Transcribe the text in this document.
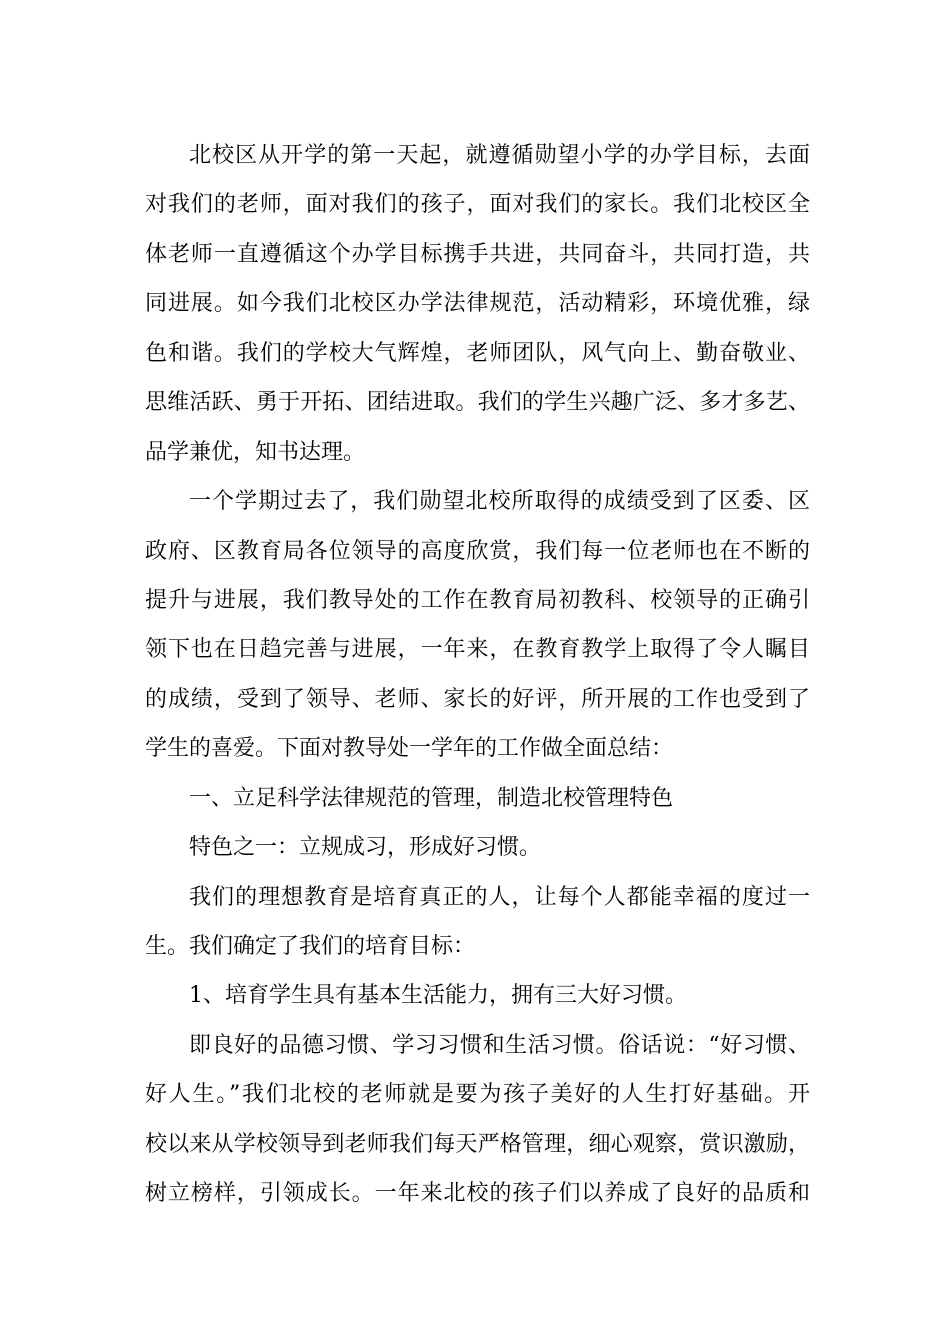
北校区从开学的第一天起，就遵循勋望小学的办学目标，去面
对我们的老师，面对我们的孩子，面对我们的家长。我们北校区全
体老师一直遵循这个办学目标携手共进，共同奋斗，共同打造，共
同进展。如今我们北校区办学法律规范，活动精彩，环境优雅，绿
色和谐。我们的学校大气辉煌，老师团队，风气向上、勤奋敬业、
思维活跃、勇于开拓、团结进取。我们的学生兴趣广泛、多才多艺、
品学兼优，知书达理。
一个学期过去了，我们勋望北校所取得的成绩受到了区委、区
政府、区教育局各位领导的高度欣赏，我们每一位老师也在不断的
提升与进展，我们教导处的工作在教育局初教科、校领导的正确引
领下也在日趋完善与进展，一年来，在教育教学上取得了令人瞩目
的成绩，受到了领导、老师、家长的好评，所开展的工作也受到了
学生的喜爱。下面对教导处一学年的工作做全面总结：
一、立足科学法律规范的管理，制造北校管理特色
特色之一：立规成习，形成好习惯。
我们的理想教育是培育真正的人，让每个人都能幸福的度过一
生。我们确定了我们的培育目标：
1、培育学生具有基本生活能力，拥有三大好习惯。
即良好的品德习惯、学习习惯和生活习惯。俗话说：“好习惯、
好人生。”我们北校的老师就是要为孩子美好的人生打好基础。开
校以来从学校领导到老师我们每天严格管理，细心观察，赏识激励，
树立榜样，引领成长。一年来北校的孩子们以养成了良好的品质和
